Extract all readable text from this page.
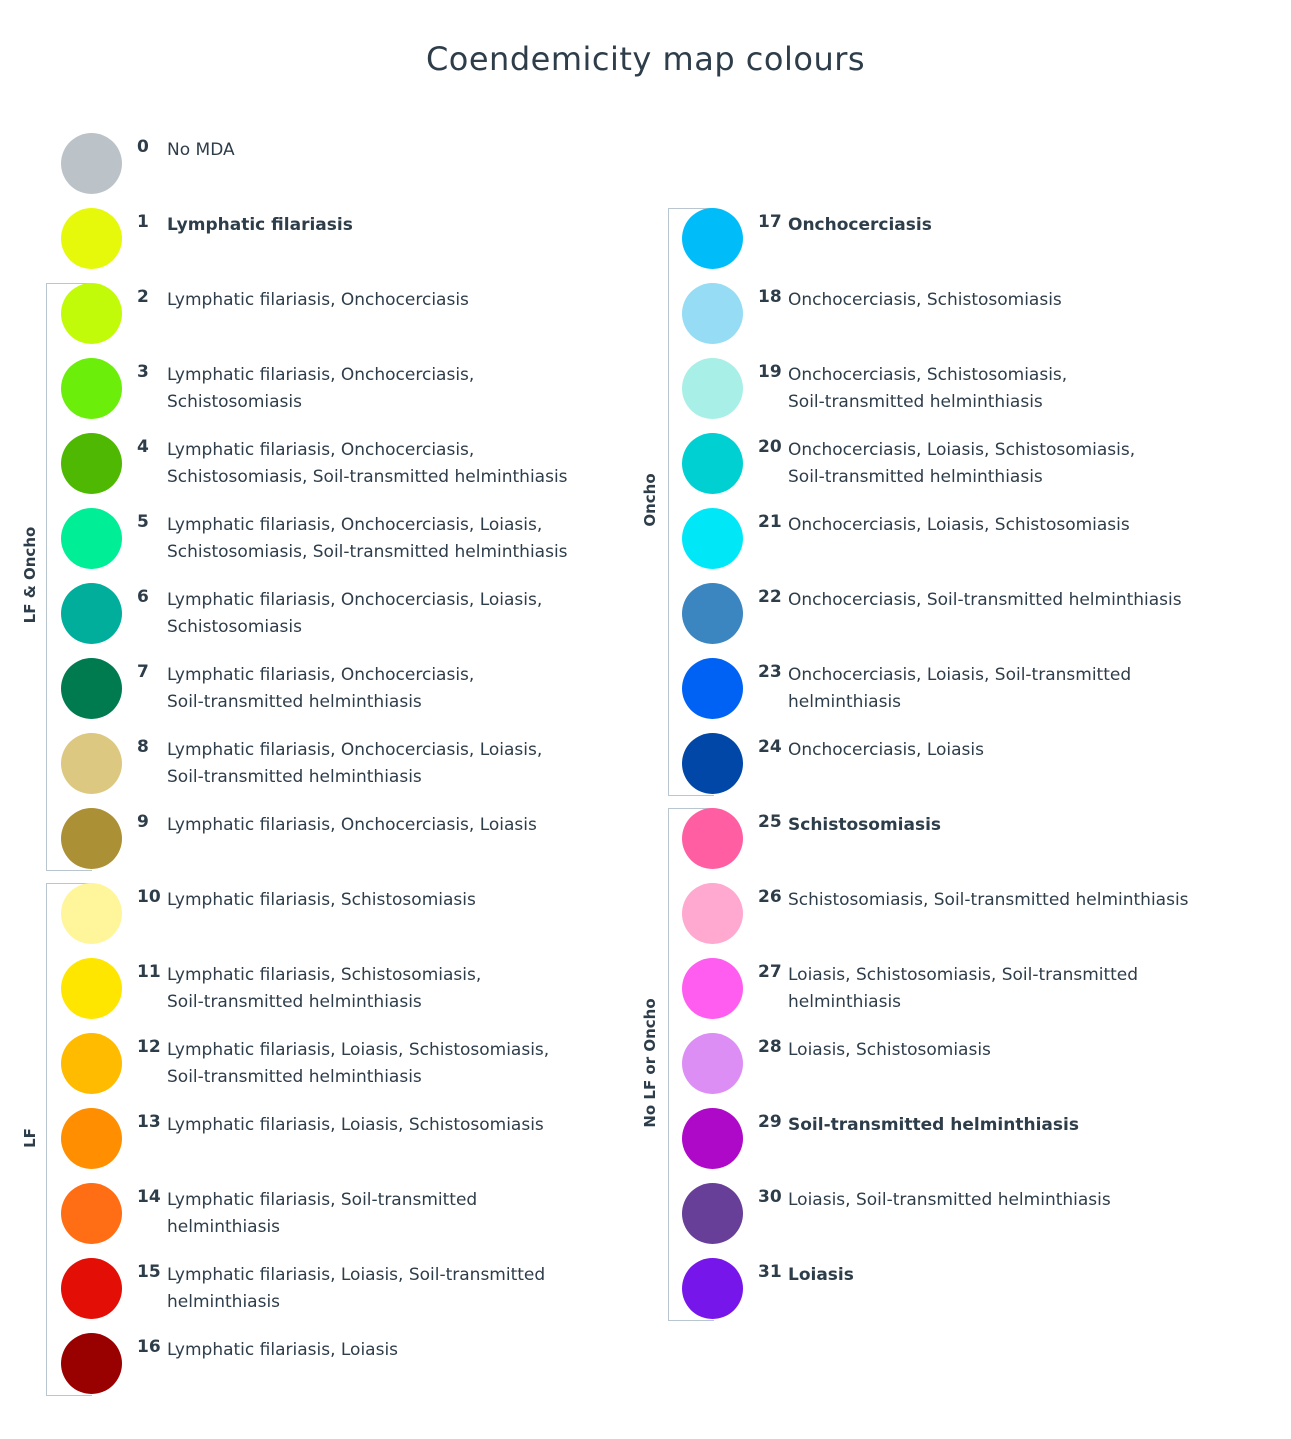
Coendemicity map colours
LF & Oncho
LF
Oncho
No LF or Oncho
0 No MDA
1 Lymphatic filariasis
2 Lymphatic filariasis, Onchocerciasis
3 Lymphatic filariasis, Onchocerciasis,
Schistosomiasis
4 Lymphatic filariasis, Onchocerciasis,
Schistosomiasis, Soil-transmitted helminthiasis
5 Lymphatic filariasis, Onchocerciasis, Loiasis,
Schistosomiasis, Soil-transmitted helminthiasis
6 Lymphatic filariasis, Onchocerciasis, Loiasis,
Schistosomiasis
7 Lymphatic filariasis, Onchocerciasis,
Soil-transmitted helminthiasis
8 Lymphatic filariasis, Onchocerciasis, Loiasis,
Soil-transmitted helminthiasis
9 Lymphatic filariasis, Onchocerciasis, Loiasis
10 Lymphatic filariasis, Schistosomiasis
11 Lymphatic filariasis, Schistosomiasis,
Soil-transmitted helminthiasis
12 Lymphatic filariasis, Loiasis, Schistosomiasis,
Soil-transmitted helminthiasis
13 Lymphatic filariasis, Loiasis, Schistosomiasis
14 Lymphatic filariasis, Soil-transmitted
helminthiasis
15 Lymphatic filariasis, Loiasis, Soil-transmitted
helminthiasis
16 Lymphatic filariasis, Loiasis
17 Onchocerciasis
18 Onchocerciasis, Schistosomiasis
19 Onchocerciasis, Schistosomiasis,
Soil-transmitted helminthiasis
20 Onchocerciasis, Loiasis, Schistosomiasis,
Soil-transmitted helminthiasis
21 Onchocerciasis, Loiasis, Schistosomiasis
22 Onchocerciasis, Soil-transmitted helminthiasis
23 Onchocerciasis, Loiasis, Soil-transmitted
helminthiasis
24 Onchocerciasis, Loiasis
25 Schistosomiasis
26 Schistosomiasis, Soil-transmitted helminthiasis
27 Loiasis, Schistosomiasis, Soil-transmitted
helminthiasis
28 Loiasis, Schistosomiasis
29 Soil-transmitted helminthiasis
30 Loiasis, Soil-transmitted helminthiasis
31 Loiasis
